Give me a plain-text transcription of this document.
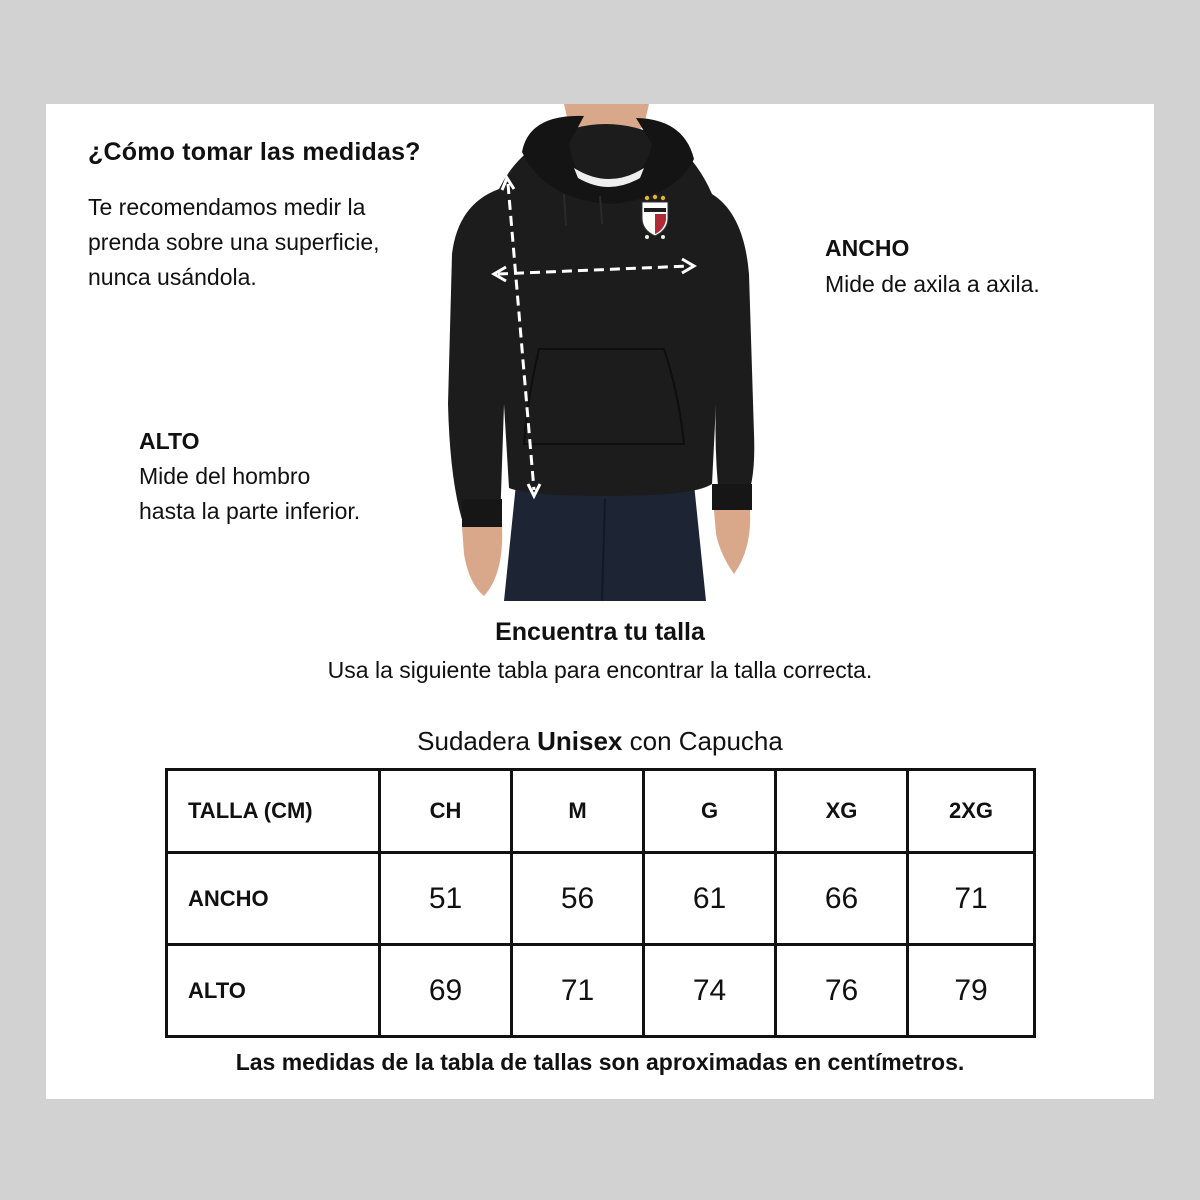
¿Cómo tomar las medidas?
Te recomendamos medir la
prenda sobre una superficie,
nunca usándola.
ANCHO
Mide de axila a axila.
ALTO
Mide del hombro
hasta la parte inferior.
Encuentra tu talla
Usa la siguiente tabla para encontrar la talla correcta.
Sudadera Unisex con Capucha
TALLA (CM)	CH	M	G	XG	2XG
ANCHO	51	56	61	66	71
ALTO	69	71	74	76	79
Las medidas de la tabla de tallas son aproximadas en centímetros.
